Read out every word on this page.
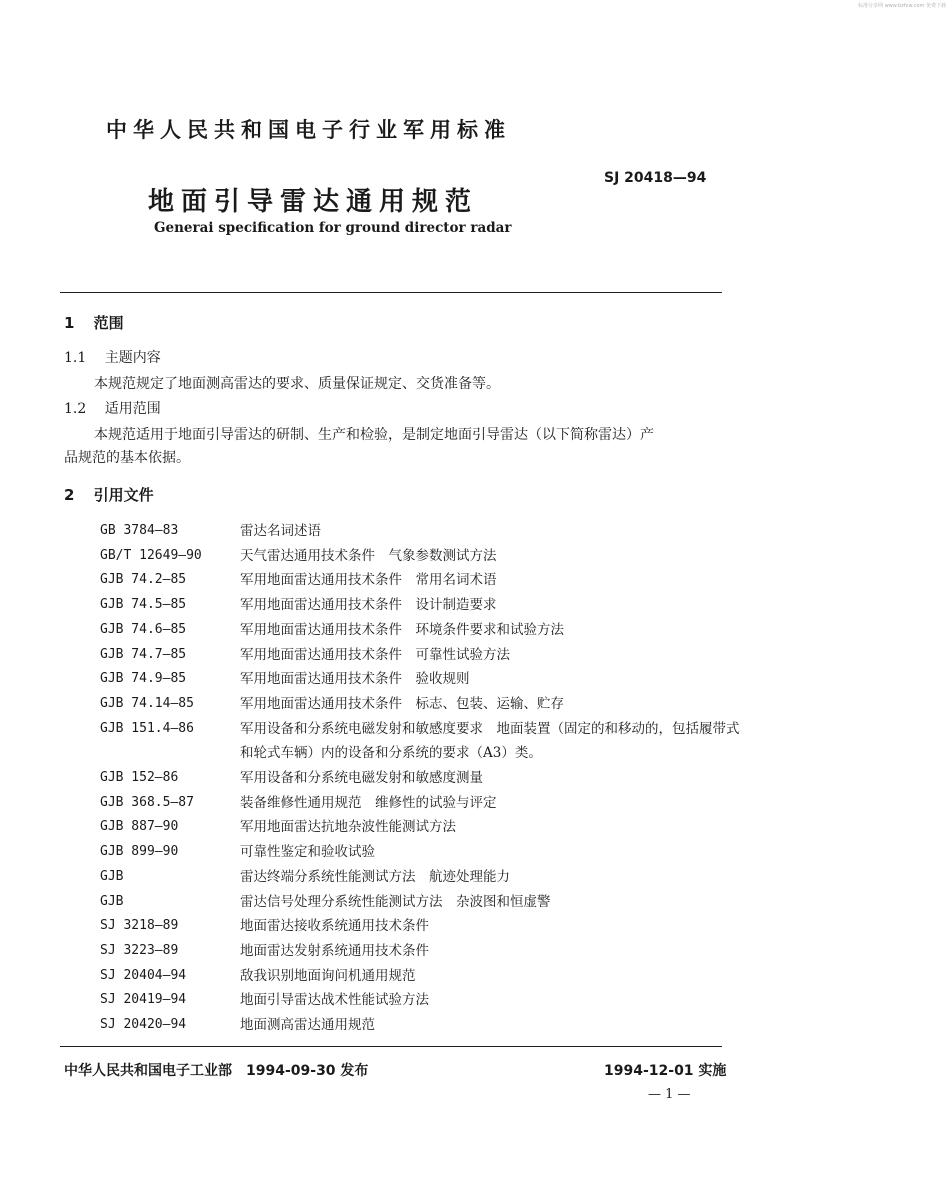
标准分享网 www.bzfxw.com 免费下载
中华人民共和国电子行业军用标准
SJ 20418—94
地面引导雷达通用规范
Generai specification for ground director radar
1 范围
1.1 主题内容
本规范规定了地面测高雷达的要求、质量保证规定、交货准备等。
1.2 适用范围
本规范适用于地面引导雷达的研制、生产和检验，是制定地面引导雷达（以下简称雷达）产
品规范的基本依据。
2 引用文件
GB 3784—83	雷达名词述语
GB/T 12649—90	天气雷达通用技术条件　气象参数测试方法
GJB 74.2—85	军用地面雷达通用技术条件　常用名词术语
GJB 74.5—85	军用地面雷达通用技术条件　设计制造要求
GJB 74.6—85	军用地面雷达通用技术条件　环境条件要求和试验方法
GJB 74.7—85	军用地面雷达通用技术条件　可靠性试验方法
GJB 74.9—85	军用地面雷达通用技术条件　验收规则
GJB 74.14—85	军用地面雷达通用技术条件　标志、包装、运输、贮存
GJB 151.4—86	军用设备和分系统电磁发射和敏感度要求　地面装置（固定的和移动的，包括履带式和轮式车辆）内的设备和分系统的要求（A3）类。
GJB 152—86	军用设备和分系统电磁发射和敏感度测量
GJB 368.5—87	装备维修性通用规范　维修性的试验与评定
GJB 887—90	军用地面雷达抗地杂波性能测试方法
GJB 899—90	可靠性鉴定和验收试验
GJB	雷达终端分系统性能测试方法　航迹处理能力
GJB	雷达信号处理分系统性能测试方法　杂波图和恒虚警
SJ 3218—89	地面雷达接收系统通用技术条件
SJ 3223—89	地面雷达发射系统通用技术条件
SJ 20404—94	敌我识别地面询问机通用规范
SJ 20419—94	地面引导雷达战术性能试验方法
SJ 20420—94	地面测高雷达通用规范
中华人民共和国电子工业部　1994-09-30 发布	1994-12-01 实施
— 1 —
